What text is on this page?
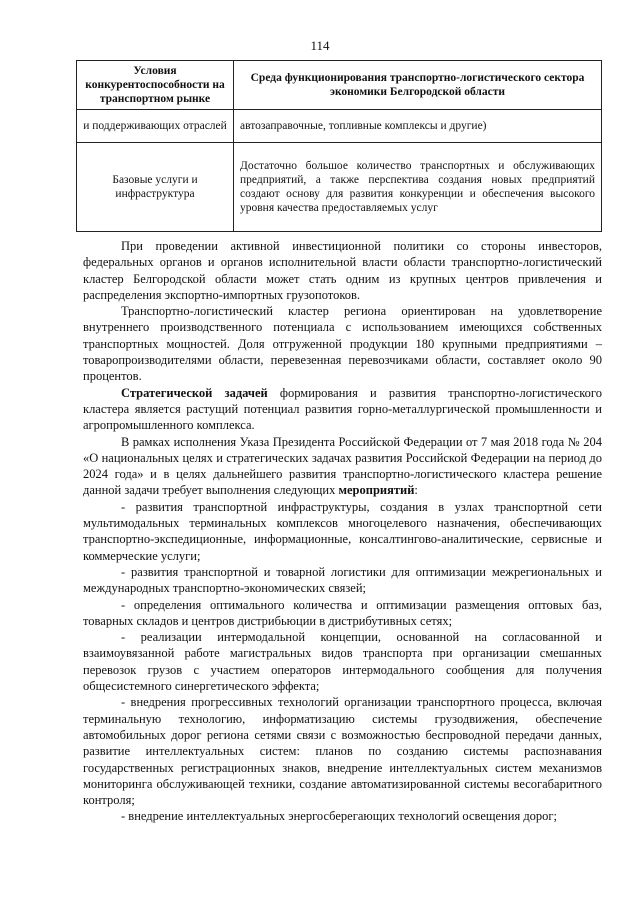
114
Условия конкурентоспособности на транспортном рынке	Среда функционирования транспортно-логистического сектора экономики Белгородской области
и поддерживающих отраслей	автозаправочные, топливные комплексы и другие)
Базовые услуги и инфраструктура	Достаточно большое количество транспортных и обслуживающих предприятий, а также перспектива создания новых предприятий создают основу для развития конкуренции и обеспечения высокого уровня качества предоставляемых услуг

При проведении активной инвестиционной политики со стороны инвесторов, федеральных органов и органов исполнительной власти области транспортно-логистический кластер Белгородской области может стать одним из крупных центров привлечения и распределения экспортно-импортных грузопотоков.

Транспортно-логистический кластер региона ориентирован на удовлетворение внутреннего производственного потенциала с использованием имеющихся собственных транспортных мощностей. Доля отгруженной продукции 180 крупными предприятиями – товаропроизводителями области, перевезенная перевозчиками области, составляет около 90 процентов.

Стратегической задачей формирования и развития транспортно-логистического кластера является растущий потенциал развития горно-металлургической промышленности и агропромышленного комплекса.

В рамках исполнения Указа Президента Российской Федерации от 7 мая 2018 года № 204 «О национальных целях и стратегических задачах развития Российской Федерации на период до 2024 года» и в целях дальнейшего развития транспортно-логистического кластера решение данной задачи требует выполнения следующих мероприятий:

- развития транспортной инфраструктуры, создания в узлах транспортной сети мультимодальных терминальных комплексов многоцелевого назначения, обеспечивающих транспортно-экспедиционные, информационные, консалтингово-аналитические, сервисные и коммерческие услуги;

- развития транспортной и товарной логистики для оптимизации межрегиональных и международных транспортно-экономических связей;

- определения оптимального количества и оптимизации размещения оптовых баз, товарных складов и центров дистрибьюции в дистрибутивных сетях;

- реализации интермодальной концепции, основанной на согласованной и взаимоувязанной работе магистральных видов транспорта при организации смешанных перевозок грузов с участием операторов интермодального сообщения для получения общесистемного синергетического эффекта;

- внедрения прогрессивных технологий организации транспортного процесса, включая терминальную технологию, информатизацию системы грузодвижения, обеспечение автомобильных дорог региона сетями связи с возможностью беспроводной передачи данных, развитие интеллектуальных систем: планов по созданию системы распознавания государственных регистрационных знаков, внедрение интеллектуальных систем механизмов мониторинга обслуживающей техники, создание автоматизированной системы весогабаритного контроля;

- внедрение интеллектуальных энергосберегающих технологий освещения дорог;
